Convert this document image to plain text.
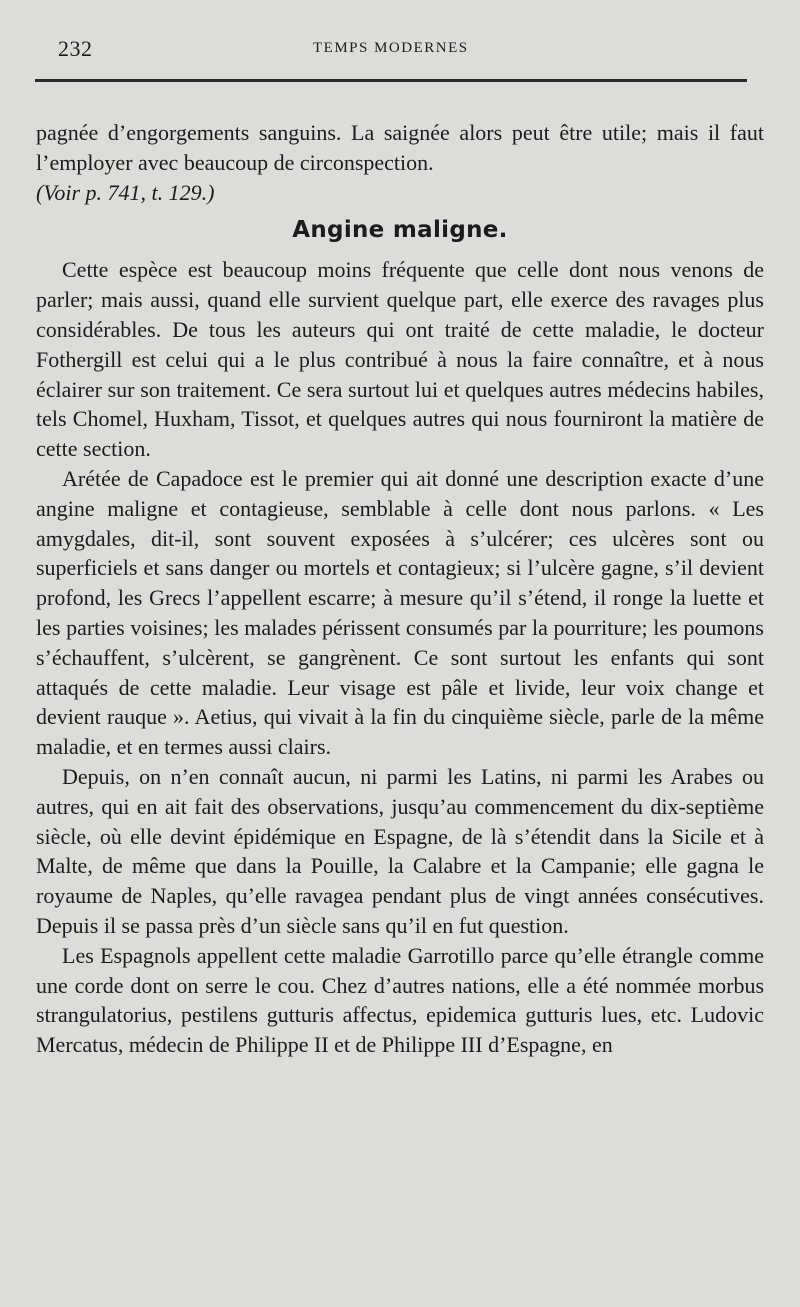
232	TEMPS MODERNES

pagnée d’engorgements sanguins. La saignée alors peut être utile; mais il faut l’employer avec beaucoup de circonspection.

(Voir p. 741, t. 129.)

Angine maligne.

Cette espèce est beaucoup moins fréquente que celle dont nous venons de parler; mais aussi, quand elle survient quelque part, elle exerce des ravages plus considérables. De tous les auteurs qui ont traité de cette maladie, le docteur Fothergill est celui qui a le plus contribué à nous la faire connaître, et à nous éclairer sur son traitement. Ce sera surtout lui et quelques autres médecins habiles, tels Chomel, Huxham, Tissot, et quelques autres qui nous fourniront la matière de cette section.

Arétée de Capadoce est le premier qui ait donné une description exacte d’une angine maligne et contagieuse, semblable à celle dont nous parlons. « Les amygdales, dit-il, sont souvent exposées à s’ulcérer; ces ulcères sont ou superficiels et sans danger ou mortels et contagieux; si l’ulcère gagne, s’il devient profond, les Grecs l’appellent escarre; à mesure qu’il s’étend, il ronge la luette et les parties voisines; les malades périssent consumés par la pourriture; les poumons s’échauffent, s’ulcèrent, se gangrènent. Ce sont surtout les enfants qui sont attaqués de cette maladie. Leur visage est pâle et livide, leur voix change et devient rauque ». Aetius, qui vivait à la fin du cinquième siècle, parle de la même maladie, et en termes aussi clairs.

Depuis, on n’en connaît aucun, ni parmi les Latins, ni parmi les Arabes ou autres, qui en ait fait des observations, jusqu’au commencement du dix-septième siècle, où elle devint épidémique en Espagne, de là s’étendit dans la Sicile et à Malte, de même que dans la Pouille, la Calabre et la Campanie; elle gagna le royaume de Naples, qu’elle ravagea pendant plus de vingt années consécutives. Depuis il se passa près d’un siècle sans qu’il en fut question.

Les Espagnols appellent cette maladie Garrotillo parce qu’elle étrangle comme une corde dont on serre le cou. Chez d’autres nations, elle a été nommée morbus strangulatorius, pestilens gutturis affectus, epidemica gutturis lues, etc. Ludovic Mercatus, médecin de Philippe II et de Philippe III d’Espagne, en
